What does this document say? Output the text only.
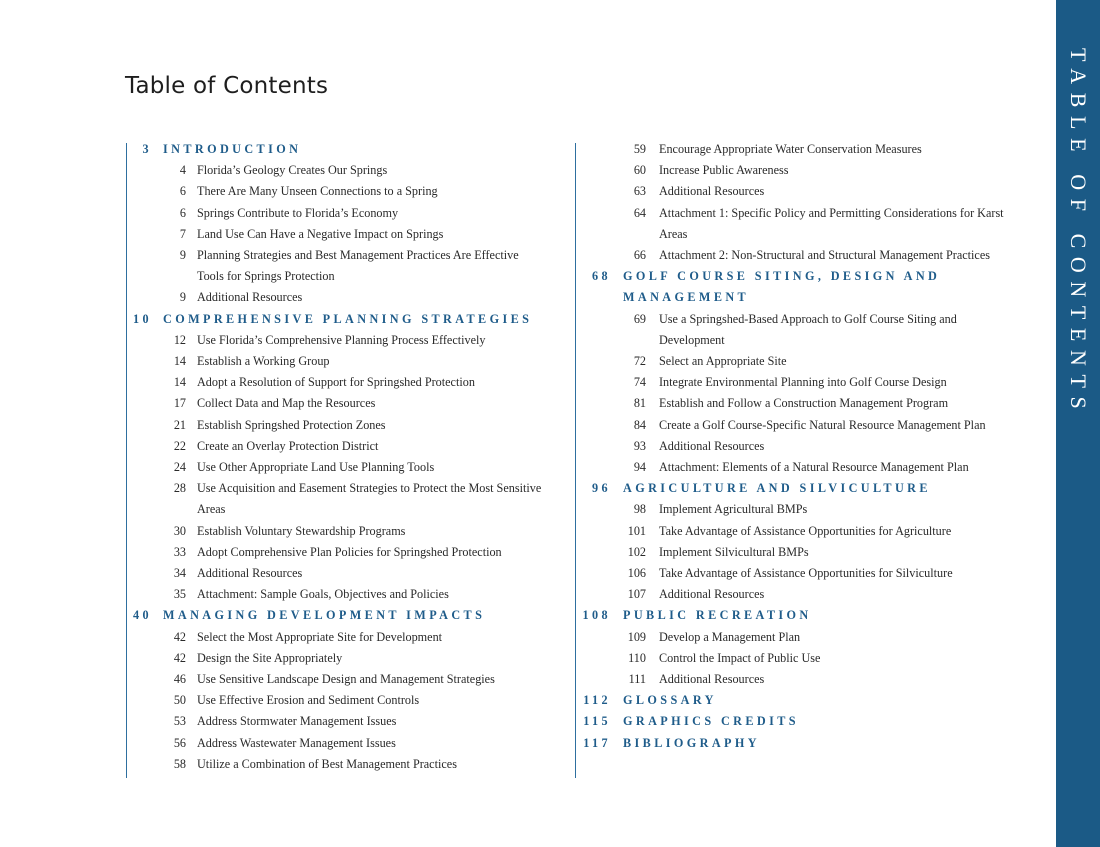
Table of Contents	TABLE OF CONTENTS
3 INTRODUCTION
4 Florida’s Geology Creates Our Springs
6 There Are Many Unseen Connections to a Spring
6 Springs Contribute to Florida’s Economy
7 Land Use Can Have a Negative Impact on Springs
9 Planning Strategies and Best Management Practices Are Effective
Tools for Springs Protection
9 Additional Resources
10 COMPREHENSIVE PLANNING STRATEGIES
12 Use Florida’s Comprehensive Planning Process Effectively
14 Establish a Working Group
14 Adopt a Resolution of Support for Springshed Protection
17 Collect Data and Map the Resources
21 Establish Springshed Protection Zones
22 Create an Overlay Protection District
24 Use Other Appropriate Land Use Planning Tools
28 Use Acquisition and Easement Strategies to Protect the Most Sensitive
Areas
30 Establish Voluntary Stewardship Programs
33 Adopt Comprehensive Plan Policies for Springshed Protection
34 Additional Resources
35 Attachment: Sample Goals, Objectives and Policies
40 MANAGING DEVELOPMENT IMPACTS
42 Select the Most Appropriate Site for Development
42 Design the Site Appropriately
46 Use Sensitive Landscape Design and Management Strategies
50 Use Effective Erosion and Sediment Controls
53 Address Stormwater Management Issues
56 Address Wastewater Management Issues
58 Utilize a Combination of Best Management Practices
59	Encourage Appropriate Water Conservation Measures
60	Increase Public Awareness
63	Additional Resources
64	Attachment 1: Specific Policy and Permitting Considerations for Karst
Areas
66	Attachment 2: Non-Structural and Structural Management Practices
68 GOLF COURSE SITING, DESIGN AND
MANAGEMENT
69	Use a Springshed-Based Approach to Golf Course Siting and
Development
72	Select an Appropriate Site
74	Integrate Environmental Planning into Golf Course Design
81	Establish and Follow a Construction Management Program
84	Create a Golf Course-Specific Natural Resource Management Plan
93	Additional Resources
94	Attachment: Elements of a Natural Resource Management Plan
96 AGRICULTURE AND SILVICULTURE
98	Implement Agricultural BMPs
101	Take Advantage of Assistance Opportunities for Agriculture
102	Implement Silvicultural BMPs
106	Take Advantage of Assistance Opportunities for Silviculture
107	Additional Resources
108 PUBLIC RECREATION
109	Develop a Management Plan
110	Control the Impact of Public Use
111	Additional Resources
112 GLOSSARY
115 GRAPHICS CREDITS
117 BIBLIOGRAPHY
